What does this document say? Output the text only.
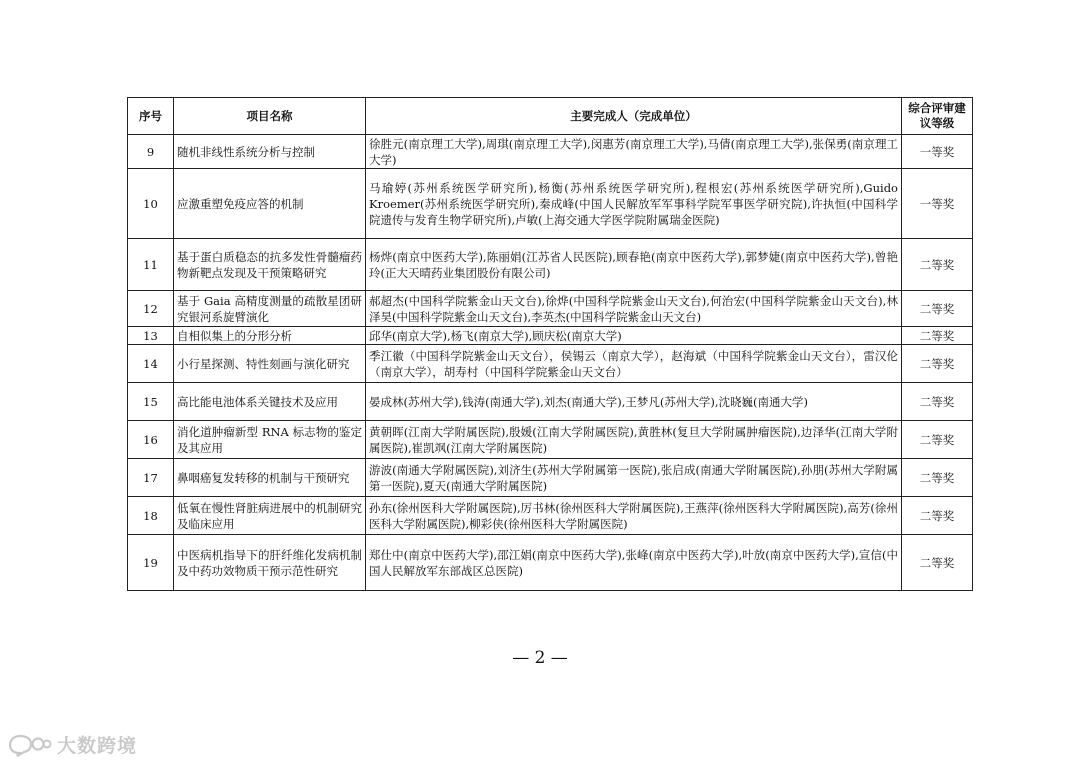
序号	项目名称	主要完成人（完成单位）	综合评审建议等级
9	随机非线性系统分析与控制	徐胜元(南京理工大学),周琪(南京理工大学),闵惠芳(南京理工大学),马倩(南京理工大学),张保勇(南京理工大学)	一等奖
10	应激重塑免疫应答的机制	马瑜婷(苏州系统医学研究所),杨衡(苏州系统医学研究所),程根宏(苏州系统医学研究所),Guido Kroemer(苏州系统医学研究所),秦成峰(中国人民解放军军事科学院军事医学研究院),许执恒(中国科学院遗传与发育生物学研究所),卢敏(上海交通大学医学院附属瑞金医院)	一等奖
11	基于蛋白质稳态的抗多发性骨髓瘤药物新靶点发现及干预策略研究	杨烨(南京中医药大学),陈丽娟(江苏省人民医院),顾春艳(南京中医药大学),郭梦婕(南京中医药大学),曾艳玲(正大天晴药业集团股份有限公司)	二等奖
12	基于 Gaia 高精度测量的疏散星团研究银河系旋臂演化	郝超杰(中国科学院紫金山天文台),徐烨(中国科学院紫金山天文台),何治宏(中国科学院紫金山天文台),林泽昊(中国科学院紫金山天文台),李英杰(中国科学院紫金山天文台)	二等奖
13	自相似集上的分形分析	邱华(南京大学),杨飞(南京大学),顾庆松(南京大学)	二等奖
14	小行星探测、特性刻画与演化研究	季江徽（中国科学院紫金山天文台），侯锡云（南京大学），赵海斌（中国科学院紫金山天文台），雷汉伦（南京大学），胡寿村（中国科学院紫金山天文台）	二等奖
15	高比能电池体系关键技术及应用	晏成林(苏州大学),钱涛(南通大学),刘杰(南通大学),王梦凡(苏州大学),沈晓巍(南通大学)	二等奖
16	消化道肿瘤新型 RNA 标志物的鉴定及其应用	黄朝晖(江南大学附属医院),殷媛(江南大学附属医院),黄胜林(复旦大学附属肿瘤医院),边泽华(江南大学附属医院),崔凯飒(江南大学附属医院)	二等奖
17	鼻咽癌复发转移的机制与干预研究	游波(南通大学附属医院),刘济生(苏州大学附属第一医院),张启成(南通大学附属医院),孙朋(苏州大学附属第一医院),夏天(南通大学附属医院)	二等奖
18	低氧在慢性肾脏病进展中的机制研究及临床应用	孙东(徐州医科大学附属医院),厉书林(徐州医科大学附属医院),王燕萍(徐州医科大学附属医院),高芳(徐州医科大学附属医院),柳彩侠(徐州医科大学附属医院)	二等奖
19	中医病机指导下的肝纤维化发病机制及中药功效物质干预示范性研究	郑仕中(南京中医药大学),邵江娟(南京中医药大学),张峰(南京中医药大学),叶放(南京中医药大学),宣信(中国人民解放军东部战区总医院)	二等奖
— 2 —
大数跨境
